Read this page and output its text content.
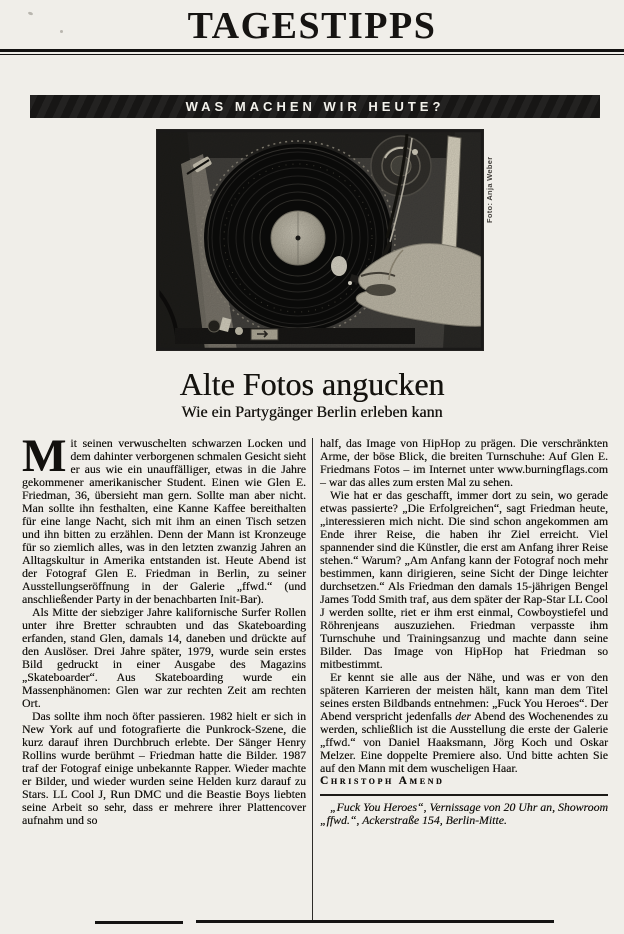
TAGESTIPPS
WAS MACHEN WIR HEUTE?
Foto: Anja Weber
Alte Fotos angucken
Wie ein Partygänger Berlin erleben kann

Mit seinen verwuschelten schwarzen Locken und dem dahinter verborgenen schmalen Gesicht sieht er aus wie ein unauffälliger, etwas in die Jahre gekommener amerikanischer Student. Einen wie Glen E. Friedman, 36, übersieht man gern. Sollte man aber nicht. Man sollte ihn festhalten, eine Kanne Kaffee bereithalten für eine lange Nacht, sich mit ihm an einen Tisch setzen und ihn bitten zu erzählen. Denn der Mann ist Kronzeuge für so ziemlich alles, was in den letzten zwanzig Jahren an Alltagskultur in Amerika entstanden ist. Heute Abend ist der Fotograf Glen E. Friedman in Berlin, zu seiner Ausstellungseröffnung in der Galerie „ffwd.“ (und anschließender Party in der benachbarten Init-Bar).

Als Mitte der siebziger Jahre kalifornische Surfer Rollen unter ihre Bretter schraubten und das Skateboarding erfanden, stand Glen, damals 14, daneben und drückte auf den Auslöser. Drei Jahre später, 1979, wurde sein erstes Bild gedruckt in einer Ausgabe des Magazins „Skateboarder“. Aus Skateboarding wurde ein Massenphänomen: Glen war zur rechten Zeit am rechten Ort.

Das sollte ihm noch öfter passieren. 1982 hielt er sich in New York auf und fotografierte die Punkrock-Szene, die kurz darauf ihren Durchbruch erlebte. Der Sänger Henry Rollins wurde berühmt – Friedman hatte die Bilder. 1987 traf der Fotograf einige unbekannte Rapper. Wieder machte er Bilder, und wieder wurden seine Helden kurz darauf zu Stars. LL Cool J, Run DMC und die Beastie Boys liebten seine Arbeit so sehr, dass er mehrere ihrer Plattencover aufnahm und so

half, das Image von HipHop zu prägen. Die verschränkten Arme, der böse Blick, die breiten Turnschuhe: Auf Glen E. Friedmans Fotos – im Internet unter www.burningflags.com – war das alles zum ersten Mal zu sehen.

Wie hat er das geschafft, immer dort zu sein, wo gerade etwas passierte? „Die Erfolgreichen“, sagt Friedman heute, „interessieren mich nicht. Die sind schon angekommen am Ende ihrer Reise, die haben ihr Ziel erreicht. Viel spannender sind die Künstler, die erst am Anfang ihrer Reise stehen.“ Warum? „Am Anfang kann der Fotograf noch mehr bestimmen, kann dirigieren, seine Sicht der Dinge leichter durchsetzen.“ Als Friedman den damals 15-jährigen Bengel James Todd Smith traf, aus dem später der Rap-Star LL Cool J werden sollte, riet er ihm erst einmal, Cowboystiefel und Röhrenjeans auszuziehen. Friedman verpasste ihm Turnschuhe und Trainingsanzug und machte dann seine Bilder. Das Image von HipHop hat Friedman so mitbestimmt.

Er kennt sie alle aus der Nähe, und was er von den späteren Karrieren der meisten hält, kann man dem Titel seines ersten Bildbands entnehmen: „Fuck You Heroes“. Der Abend verspricht jedenfalls der Abend des Wochenendes zu werden, schließlich ist die Ausstellung die erste der Galerie „ffwd.“ von Daniel Haaksmann, Jörg Koch und Oskar Melzer. Eine doppelte Premiere also. Und bitte achten Sie auf den Mann mit dem wuscheligen Haar.

Christoph Amend

„Fuck You Heroes“, Vernissage von 20 Uhr an, Showroom „ffwd.“, Ackerstraße 154, Berlin-Mitte.
